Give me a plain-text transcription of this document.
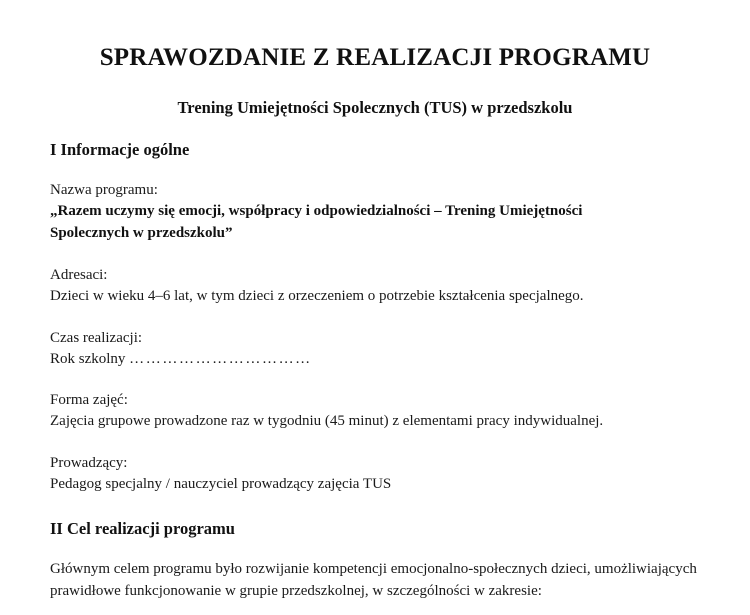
SPRAWOZDANIE Z REALIZACJI PROGRAMU
Trening Umiejętności Spolecznych (TUS) w przedszkolu
I Informacje ogólne

Nazwa programu:

„Razem uczymy się emocji, współpracy i odpowiedzialności – Trening Umiejętności

Spolecznych w przedszkolu”

Adresaci:

Dzieci w wieku 4–6 lat, w tym dzieci z orzeczeniem o potrzebie kształcenia specjalnego.

Czas realizacji:

Rok szkolny ……………………………

Forma zajęć:

Zajęcia grupowe prowadzone raz w tygodniu (45 minut) z elementami pracy indywidualnej.

Prowadzący:

Pedagog specjalny / nauczyciel prowadzący zajęcia TUS

II Cel realizacji programu

Głównym celem programu było rozwijanie kompetencji emocjonalno-społecznych dzieci, umożliwiających prawidłowe funkcjonowanie w grupie przedszkolnej, w szczególności w zakresie:
